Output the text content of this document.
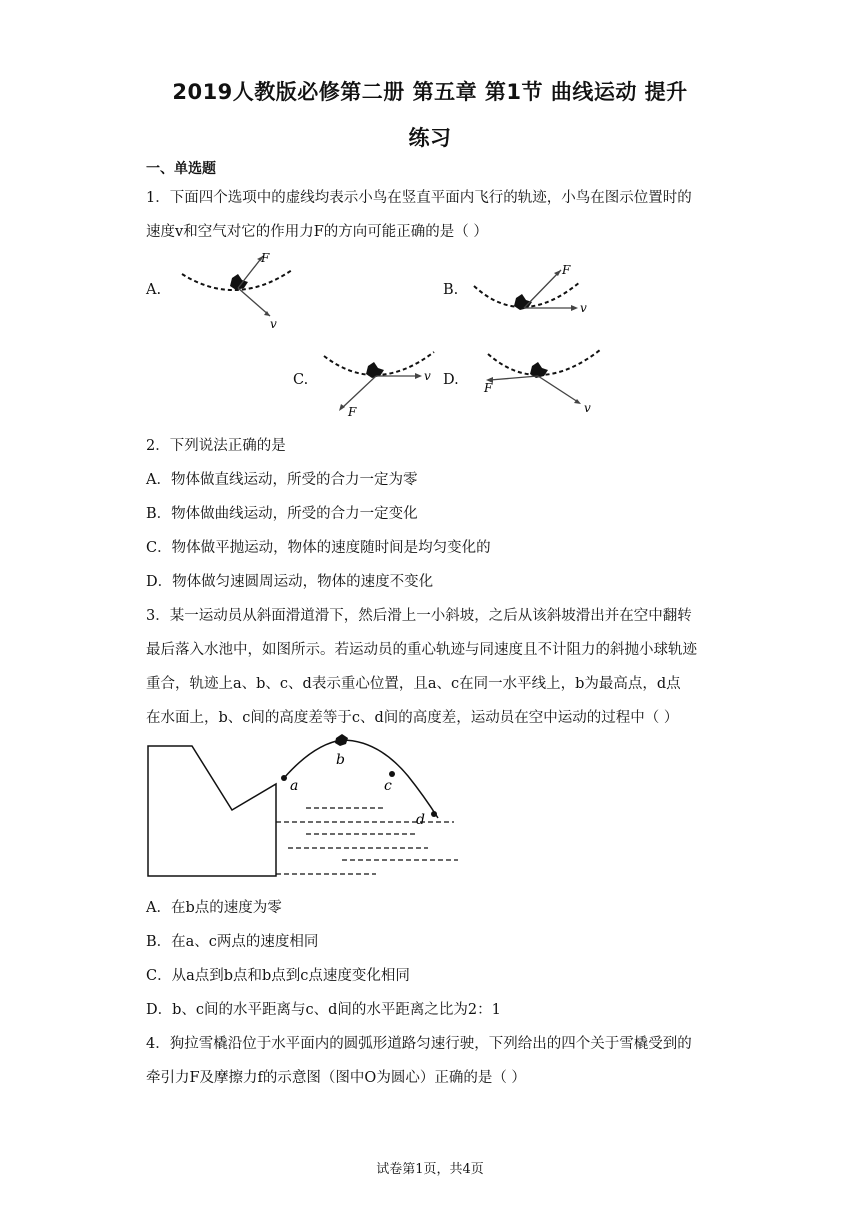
2019人教版必修第二册 第五章 第1节 曲线运动 提升
练习
一、单选题
1．下面四个选项中的虚线均表示小鸟在竖直平面内飞行的轨迹，小鸟在图示位置时的
速度v和空气对它的作用力F的方向可能正确的是（ ）
A.
F
v
B.
F
v
C.	v
F
D. F
v
2．下列说法正确的是
A．物体做直线运动，所受的合力一定为零
B．物体做曲线运动，所受的合力一定变化
C．物体做平抛运动，物体的速度随时间是均匀变化的
D．物体做匀速圆周运动，物体的速度不变化
3．某一运动员从斜面滑道滑下，然后滑上一小斜坡，之后从该斜坡滑出并在空中翻转
最后落入水池中，如图所示。若运动员的重心轨迹与同速度且不计阻力的斜抛小球轨迹
重合，轨迹上a、b、c、d表示重心位置，且a、c在同一水平线上，b为最高点，d点
在水面上，b、c间的高度差等于c、d间的高度差，运动员在空中运动的过程中（ ）
a
b
c
d
A．在b点的速度为零
B．在a、c两点的速度相同
C．从a点到b点和b点到c点速度变化相同
D．b、c间的水平距离与c、d间的水平距离之比为2：1
4．狗拉雪橇沿位于水平面内的圆弧形道路匀速行驶，下列给出的四个关于雪橇受到的
牵引力F及摩擦力f的示意图（图中O为圆心）正确的是（ ）
试卷第1页，共4页
